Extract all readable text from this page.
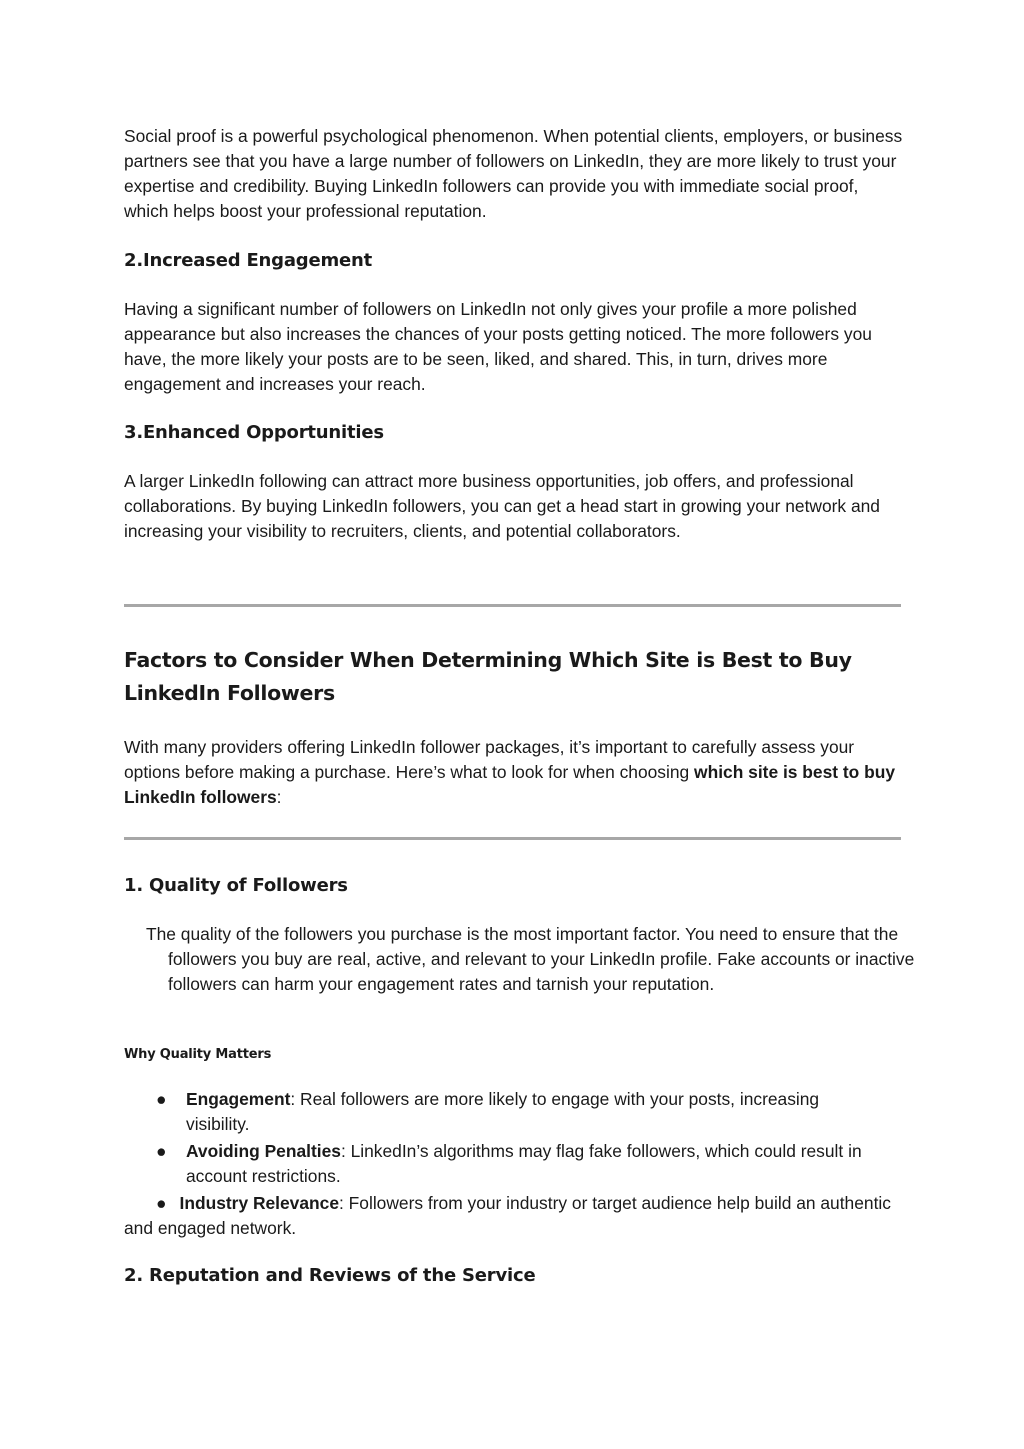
Social proof is a powerful psychological phenomenon. When potential clients, employers, or business partners see that you have a large number of followers on LinkedIn, they are more likely to trust your expertise and credibility. Buying LinkedIn followers can provide you with immediate social proof, which helps boost your professional reputation.

2.Increased Engagement

Having a significant number of followers on LinkedIn not only gives your profile a more polished appearance but also increases the chances of your posts getting noticed. The more followers you have, the more likely your posts are to be seen, liked, and shared. This, in turn, drives more engagement and increases your reach.

3.Enhanced Opportunities

A larger LinkedIn following can attract more business opportunities, job offers, and professional collaborations. By buying LinkedIn followers, you can get a head start in growing your network and increasing your visibility to recruiters, clients, and potential collaborators.

Factors to Consider When Determining Which Site is Best to Buy LinkedIn Followers

With many providers offering LinkedIn follower packages, it’s important to carefully assess your options before making a purchase. Here’s what to look for when choosing which site is best to buy LinkedIn followers:

1. Quality of Followers

The quality of the followers you purchase is the most important factor. You need to ensure that the followers you buy are real, active, and relevant to your LinkedIn profile. Fake accounts or inactive followers can harm your engagement rates and tarnish your reputation.

Why Quality Matters
● Engagement: Real followers are more likely to engage with your posts, increasing visibility.
● Avoiding Penalties: LinkedIn’s algorithms may flag fake followers, which could result in account restrictions.

● Industry Relevance: Followers from your industry or target audience help build an authentic and engaged network.

2. Reputation and Reviews of the Service
